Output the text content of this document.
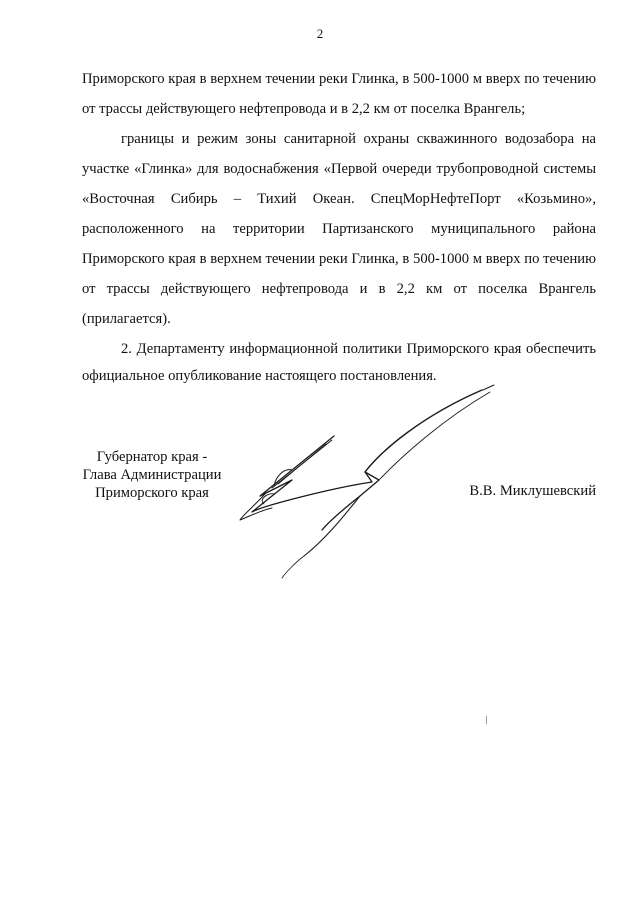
2

Приморского края в верхнем течении реки Глинка, в 500-1000 м вверх по течению от трассы действующего нефтепровода и в 2,2 км от поселка Врангель;

границы и режим зоны санитарной охраны скважинного водозабора на участке «Глинка» для водоснабжения «Первой очереди трубопроводной системы «Восточная Сибирь – Тихий Океан. СпецМорНефтеПорт «Козьмино», расположенного на территории Партизанского муниципального района Приморского края в верхнем течении реки Глинка, в 500-1000 м вверх по течению от трассы действующего нефтепровода и в 2,2 км от поселка Врангель (прилагается).

2. Департаменту информационной политики Приморского края обеспечить официальное опубликование настоящего постановления.

Губернатор края -
Глава Администрации
Приморского края	В.В. Миклушевский
